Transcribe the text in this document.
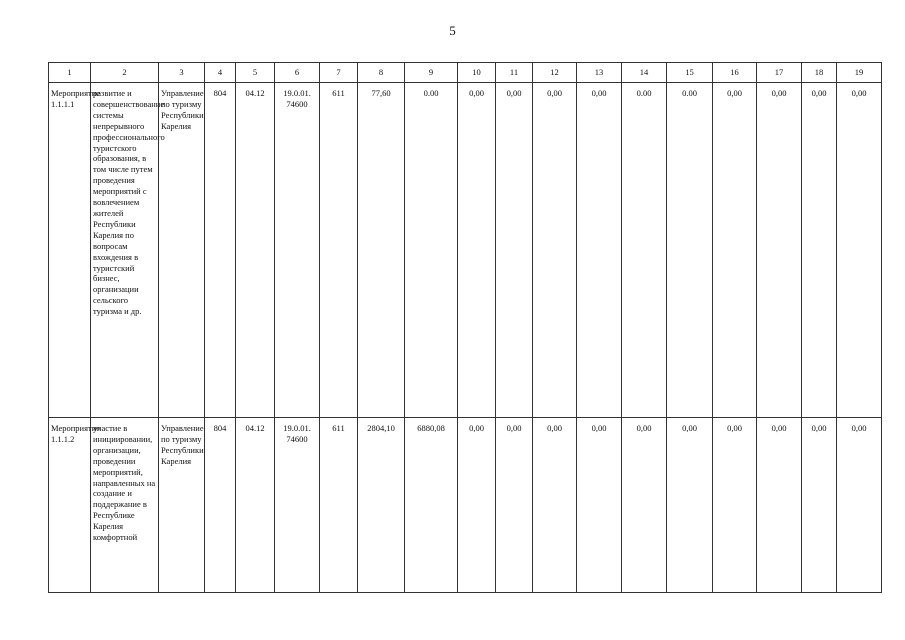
5
1	2	3	4	5	6	7	8	9	10	11	12	13	14	15	16	17	18	19
Мероприятие 1.1.1.1	развитие и совершенствование системы непрерывного профессионального туристского образования, в том числе путем проведения мероприятий с вовлечением жителей Республики Карелия по вопросам вхождения в туристский бизнес, организации сельского туризма и др.	Управление по туризму Республики Карелия	804	04.12	19.0.01. 74600	611	77,60	0.00	0,00	0,00	0,00	0,00	0.00	0.00	0,00	0,00	0,00	0,00
Мероприятие 1.1.1.2	участие в инициировании, организации, проведении мероприятий, направленных на создание и поддержание в Республике Карелия комфортной	Управление по туризму Республики Карелия	804	04.12	19.0.01. 74600	611	2804,10	6880,08	0,00	0,00	0,00	0,00	0,00	0,00	0,00	0,00	0,00	0,00
